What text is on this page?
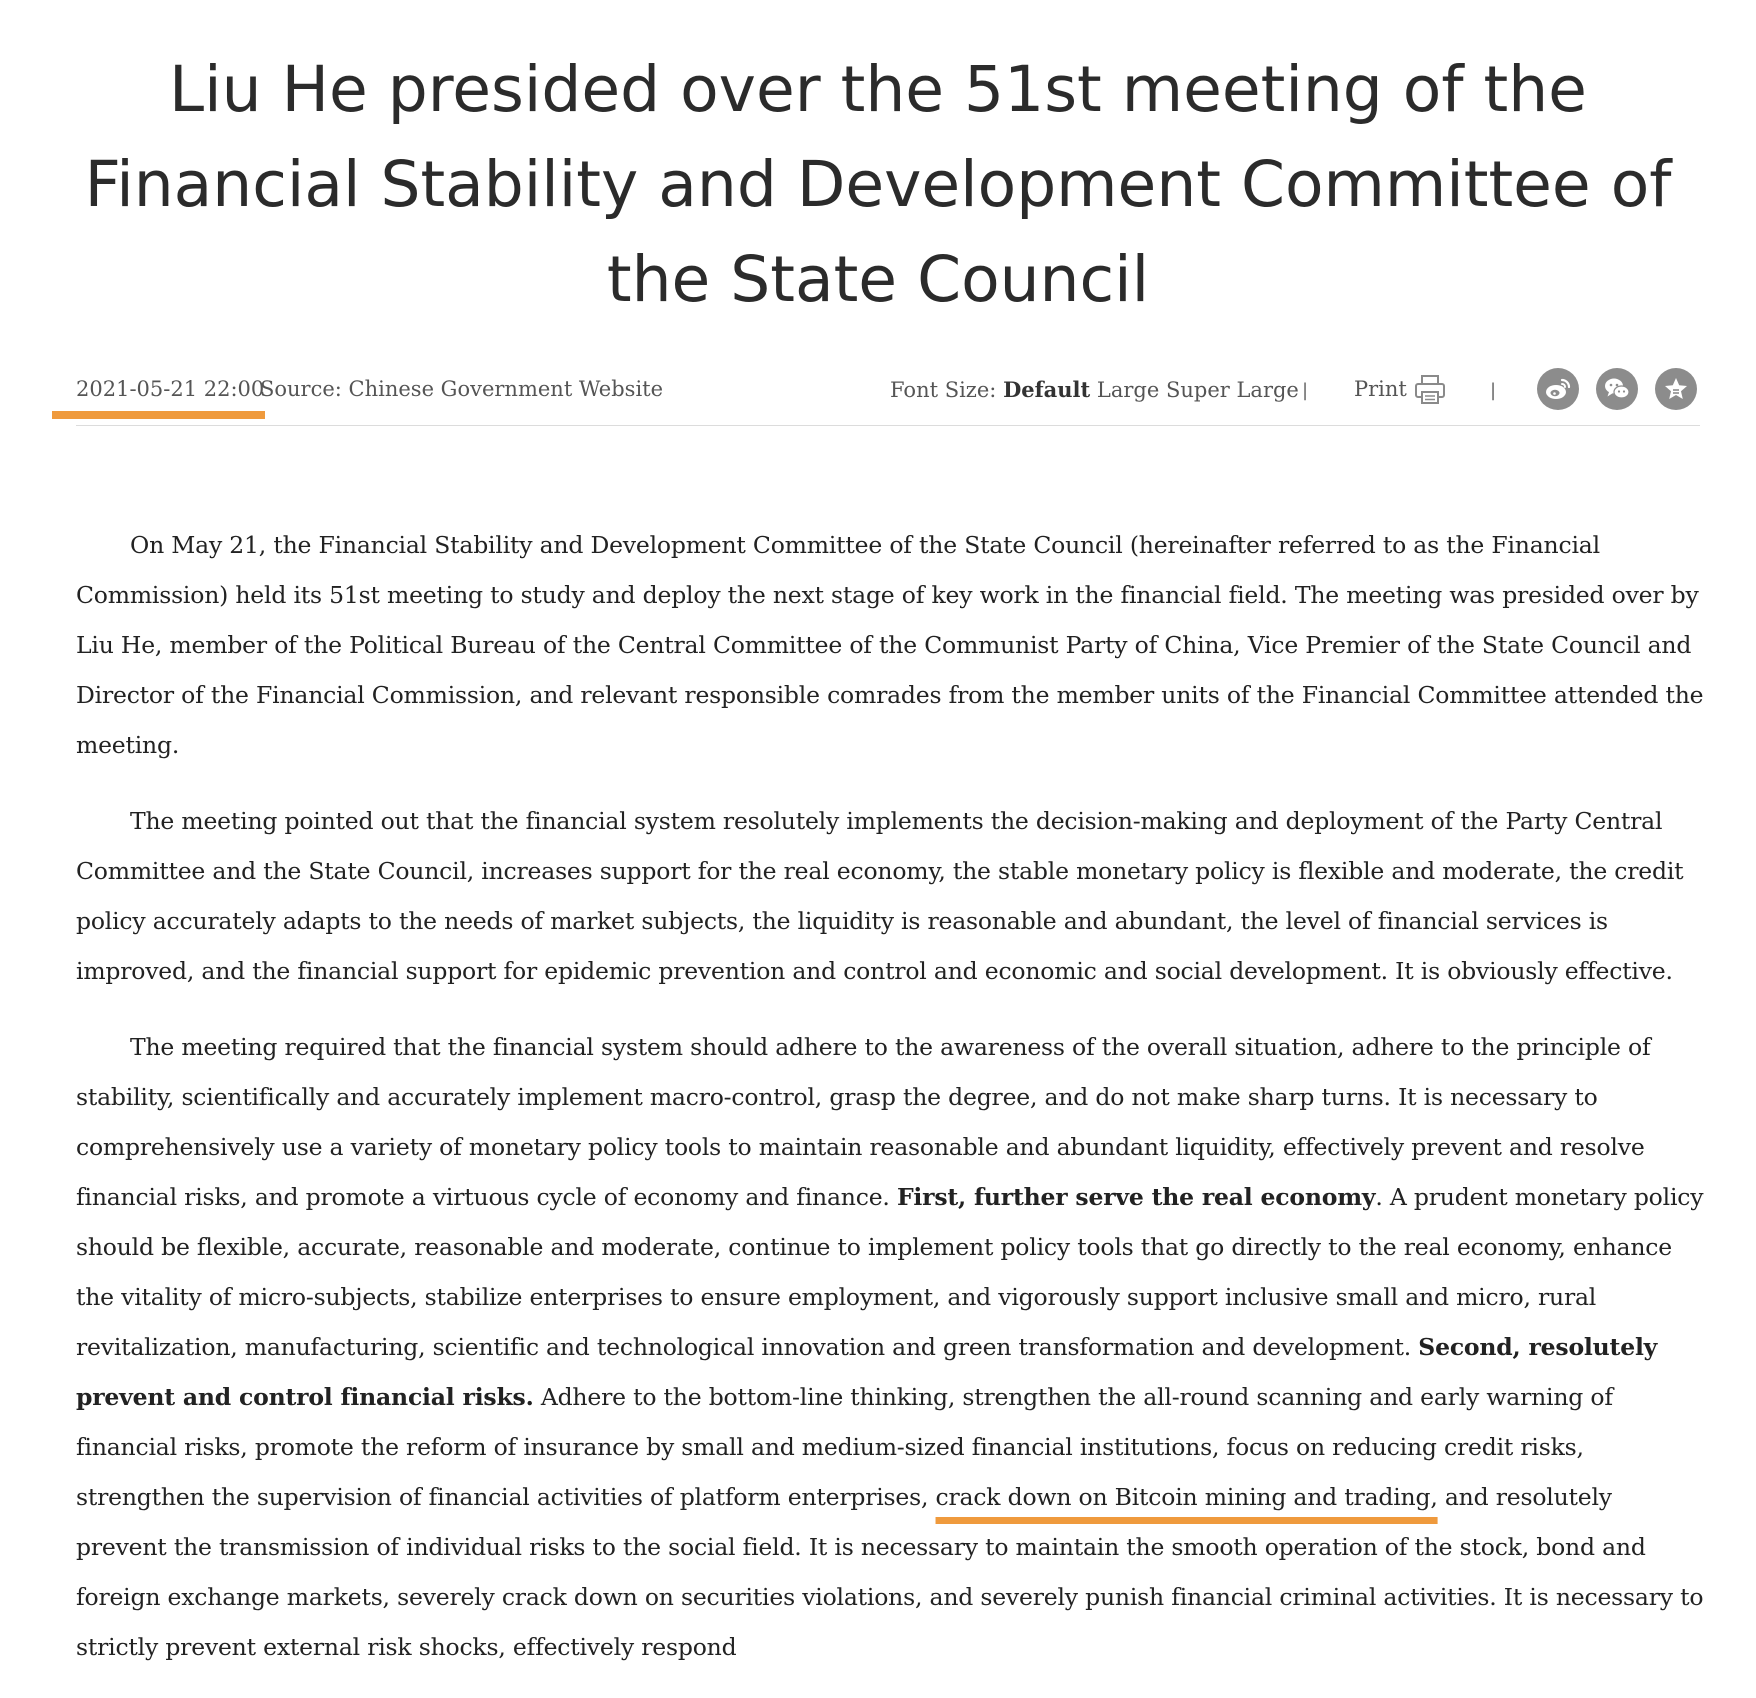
Liu He presided over the 51st meeting of the Financial Stability and Development Committee of the State Council
2021-05-21 22:00
Source: Chinese Government Website	Font Size: Default Large Super Large | Print	|

On May 21, the Financial Stability and Development Committee of the State Council (hereinafter referred to as the Financial Commission) held its 51st meeting to study and deploy the next stage of key work in the financial field. The meeting was presided over by Liu He, member of the Political Bureau of the Central Committee of the Communist Party of China, Vice Premier of the State Council and Director of the Financial Commission, and relevant responsible comrades from the member units of the Financial Committee attended the meeting.

The meeting pointed out that the financial system resolutely implements the decision-making and deployment of the Party Central Committee and the State Council, increases support for the real economy, the stable monetary policy is flexible and moderate, the credit policy accurately adapts to the needs of market subjects, the liquidity is reasonable and abundant, the level of financial services is improved, and the financial support for epidemic prevention and control and economic and social development. It is obviously effective.

The meeting required that the financial system should adhere to the awareness of the overall situation, adhere to the principle of stability, scientifically and accurately implement macro-control, grasp the degree, and do not make sharp turns. It is necessary to comprehensively use a variety of monetary policy tools to maintain reasonable and abundant liquidity, effectively prevent and resolve financial risks, and promote a virtuous cycle of economy and finance. First, further serve the real economy. A prudent monetary policy should be flexible, accurate, reasonable and moderate, continue to implement policy tools that go directly to the real economy, enhance the vitality of micro-subjects, stabilize enterprises to ensure employment, and vigorously support inclusive small and micro, rural revitalization, manufacturing, scientific and technological innovation and green transformation and development. Second, resolutely prevent and control financial risks. Adhere to the bottom-line thinking, strengthen the all-round scanning and early warning of financial risks, promote the reform of insurance by small and medium-sized financial institutions, focus on reducing credit risks, strengthen the supervision of financial activities of platform enterprises, crack down on Bitcoin mining and trading, and resolutely prevent the transmission of individual risks to the social field. It is necessary to maintain the smooth operation of the stock, bond and foreign exchange markets, severely crack down on securities violations, and severely punish financial criminal activities. It is necessary to strictly prevent external risk shocks, effectively respond
